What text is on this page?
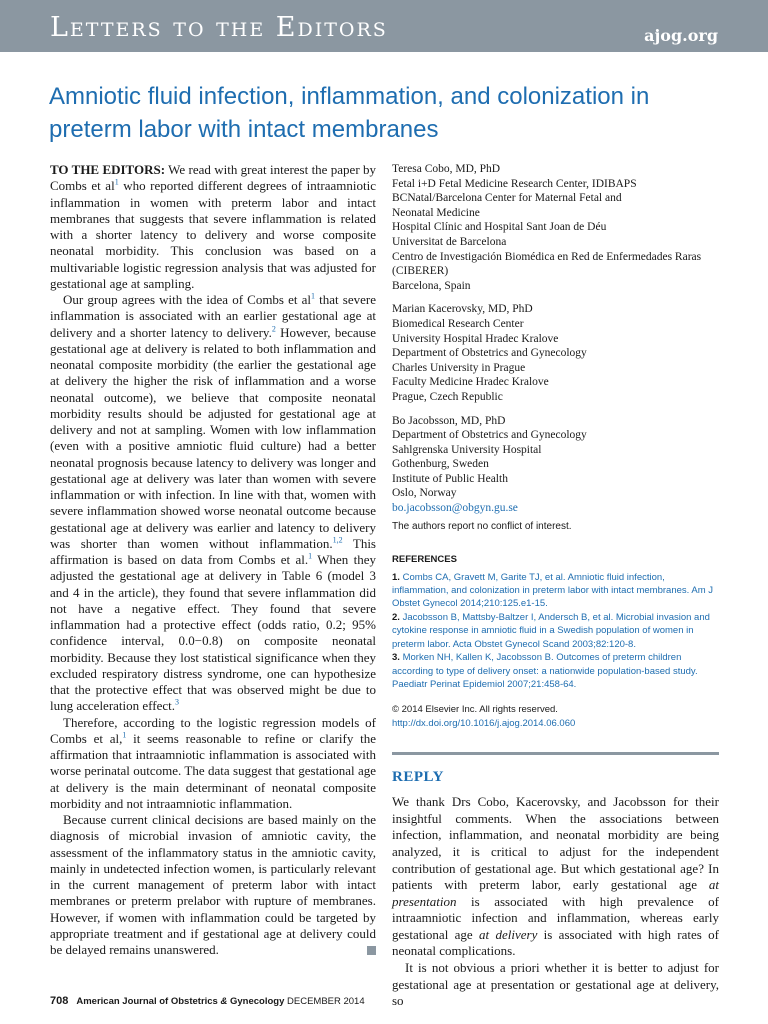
Letters to the Editors	ajog.org
Amniotic fluid infection, inflammation, and colonization in preterm labor with intact membranes

TO THE EDITORS: We read with great interest the paper by Combs et al$^1$ who reported different degrees of intraamniotic inflammation in women with preterm labor and intact membranes that suggests that severe inflammation is related with a shorter latency to delivery and worse composite neonatal morbidity. This conclusion was based on a multivariable logistic regression analysis that was adjusted for gestational age at sampling.

Our group agrees with the idea of Combs et al$^1$ that severe inflammation is associated with an earlier gestational age at delivery and a shorter latency to delivery.$^2$ However, because gestational age at delivery is related to both inflammation and neonatal composite morbidity (the earlier the gestational age at delivery the higher the risk of inflammation and a worse neonatal outcome), we believe that composite neonatal morbidity results should be adjusted for gestational age at delivery and not at sampling. Women with low inflammation (even with a positive amniotic fluid culture) had a better neonatal prognosis because latency to delivery was longer and gestational age at delivery was later than women with severe inflammation or with infection. In line with that, women with severe inflammation showed worse neonatal outcome because gestational age at delivery was earlier and latency to delivery was shorter than women without inflammation.$^{1,2}$ This affirmation is based on data from Combs et al.$^1$ When they adjusted the gestational age at delivery in Table 6 (model 3 and 4 in the article), they found that severe inflammation did not have a negative effect. They found that severe inflammation had a protective effect (odds ratio, 0.2; 95% confidence interval, 0.0−0.8) on composite neonatal morbidity. Because they lost statistical significance when they excluded respiratory distress syndrome, one can hypothesize that the protective effect that was observed might be due to lung acceleration effect.$^3$

Therefore, according to the logistic regression models of Combs et al,$^1$ it seems reasonable to refine or clarify the affirmation that intraamniotic inflammation is associated with worse perinatal outcome. The data suggest that gestational age at delivery is the main determinant of neonatal composite morbidity and not intraamniotic inflammation.

Because current clinical decisions are based mainly on the diagnosis of microbial invasion of amniotic cavity, the assessment of the inflammatory status in the amniotic cavity, mainly in undetected infection women, is particularly relevant in the current management of preterm labor with intact membranes or preterm prelabor with rupture of membranes. However, if women with inflammation could be targeted by appropriate treatment and if gestational age at delivery could be delayed remains unanswered.

Teresa Cobo, MD, PhD
Fetal i+D Fetal Medicine Research Center, IDIBAPS
BCNatal/Barcelona Center for Maternal Fetal and
Neonatal Medicine
Hospital Clínic and Hospital Sant Joan de Déu
Universitat de Barcelona
Centro de Investigación Biomédica en Red de Enfermedades Raras
(CIBERER)
Barcelona, Spain
Marian Kacerovsky, MD, PhD
Biomedical Research Center
University Hospital Hradec Kralove
Department of Obstetrics and Gynecology
Charles University in Prague
Faculty Medicine Hradec Kralove
Prague, Czech Republic
Bo Jacobsson, MD, PhD
Department of Obstetrics and Gynecology
Sahlgrenska University Hospital
Gothenburg, Sweden
Institute of Public Health
Oslo, Norway
bo.jacobsson@obgyn.gu.se
The authors report no conflict of interest.
REFERENCES
1. Combs CA, Gravett M, Garite TJ, et al. Amniotic fluid infection, inflammation, and colonization in preterm labor with intact membranes. Am J Obstet Gynecol 2014;210:125.e1-15.
2. Jacobsson B, Mattsby-Baltzer I, Andersch B, et al. Microbial invasion and cytokine response in amniotic fluid in a Swedish population of women in preterm labor. Acta Obstet Gynecol Scand 2003;82:120-8.
3. Morken NH, Kallen K, Jacobsson B. Outcomes of preterm children according to type of delivery onset: a nationwide population-based study. Paediatr Perinat Epidemiol 2007;21:458-64.
© 2014 Elsevier Inc. All rights reserved. http://dx.doi.org/10.1016/j.ajog.2014.06.060
REPLY

We thank Drs Cobo, Kacerovsky, and Jacobsson for their insightful comments. When the associations between infection, inflammation, and neonatal morbidity are being analyzed, it is critical to adjust for the independent contribution of gestational age. But which gestational age? In patients with preterm labor, early gestational age at presentation is associated with high prevalence of intraamniotic infection and inflammation, whereas early gestational age at delivery is associated with high rates of neonatal complications.

It is not obvious a priori whether it is better to adjust for gestational age at presentation or gestational age at delivery, so

708 American Journal of Obstetrics & Gynecology DECEMBER 2014
